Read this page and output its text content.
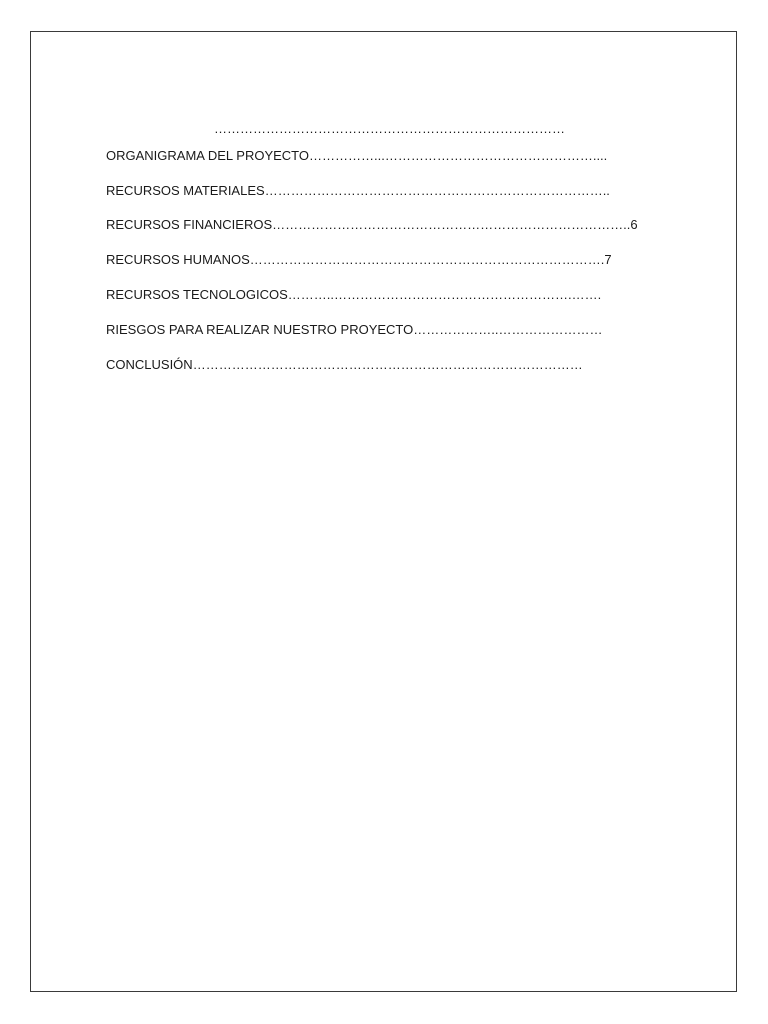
………………………………………………………………………
ORGANIGRAMA DEL PROYECTO……………...…………………………………………....
RECURSOS MATERIALES……………………………………………………………………..
RECURSOS FINANCIEROS………………………………………………………………………..6
RECURSOS HUMANOS……………………………………………………………………….7
RECURSOS TECNOLOGICOS………..……………………………………………….…….
RIESGOS PARA REALIZAR NUESTRO PROYECTO………………..……………………
CONCLUSIÓN………………………………………………………………………………
